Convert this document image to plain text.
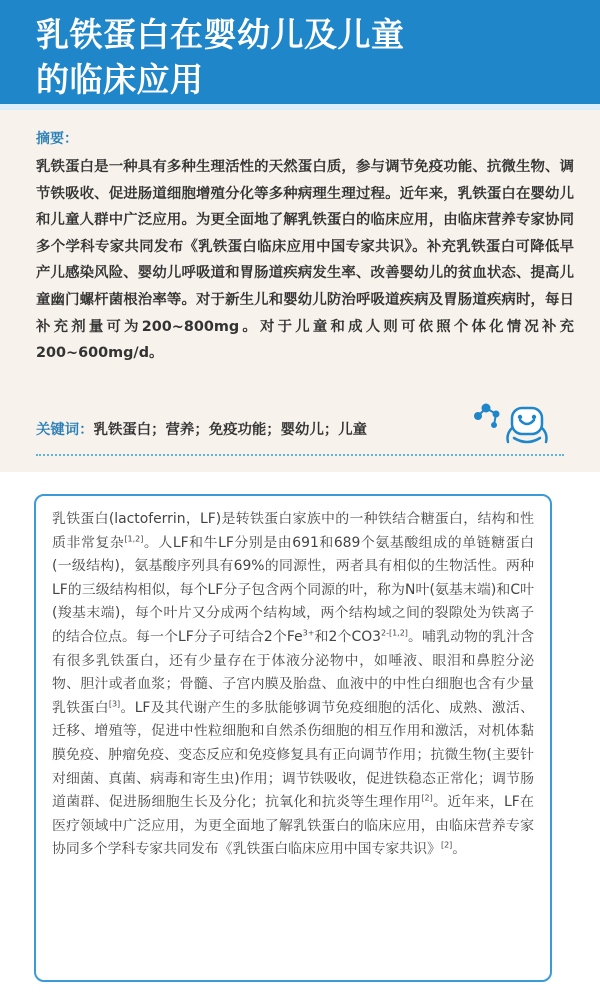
乳铁蛋白在婴幼儿及儿童
的临床应用
摘要：

乳铁蛋白是一种具有多种生理活性的天然蛋白质，参与调节免疫功能、抗微生物、调节铁吸收、促进肠道细胞增殖分化等多种病理生理过程。近年来，乳铁蛋白在婴幼儿和儿童人群中广泛应用。为更全面地了解乳铁蛋白的临床应用，由临床营养专家协同多个学科专家共同发布《乳铁蛋白临床应用中国专家共识》。补充乳铁蛋白可降低早产儿感染风险、婴幼儿呼吸道和胃肠道疾病发生率、改善婴幼儿的贫血状态、提高儿童幽门螺杆菌根治率等。对于新生儿和婴幼儿防治呼吸道疾病及胃肠道疾病时，每日补充剂量可为200~800mg。对于儿童和成人则可依照个体化情况补充200~600mg/d。

关键词：乳铁蛋白；营养；免疫功能；婴幼儿；儿童

乳铁蛋白(lactoferrin，LF)是转铁蛋白家族中的一种铁结合糖蛋白，结构和性质非常复杂[1,2]。人LF和牛LF分别是由691和689个氨基酸组成的单链糖蛋白(一级结构)，氨基酸序列具有69%的同源性，两者具有相似的生物活性。两种LF的三级结构相似，每个LF分子包含两个同源的叶，称为N叶(氨基末端)和C叶(羧基末端)，每个叶片又分成两个结构域，两个结构域之间的裂隙处为铁离子的结合位点。每一个LF分子可结合2个$Fe^{3+}$和2个$CO3^{2-[1,2]}$。哺乳动物的乳汁含有很多乳铁蛋白，还有少量存在于体液分泌物中，如唾液、眼泪和鼻腔分泌物、胆汁或者血浆；骨髓、子宫内膜及胎盘、血液中的中性白细胞也含有少量乳铁蛋白[3]。LF及其代谢产生的多肽能够调节免疫细胞的活化、成熟、激活、迁移、增殖等，促进中性粒细胞和自然杀伤细胞的相互作用和激活，对机体黏膜免疫、肿瘤免疫、变态反应和免疫修复具有正向调节作用；抗微生物(主要针对细菌、真菌、病毒和寄生虫)作用；调节铁吸收，促进铁稳态正常化；调节肠道菌群、促进肠细胞生长及分化；抗氧化和抗炎等生理作用[2]。近年来，LF在医疗领域中广泛应用，为更全面地了解乳铁蛋白的临床应用，由临床营养专家协同多个学科专家共同发布《乳铁蛋白临床应用中国专家共识》[2]。
